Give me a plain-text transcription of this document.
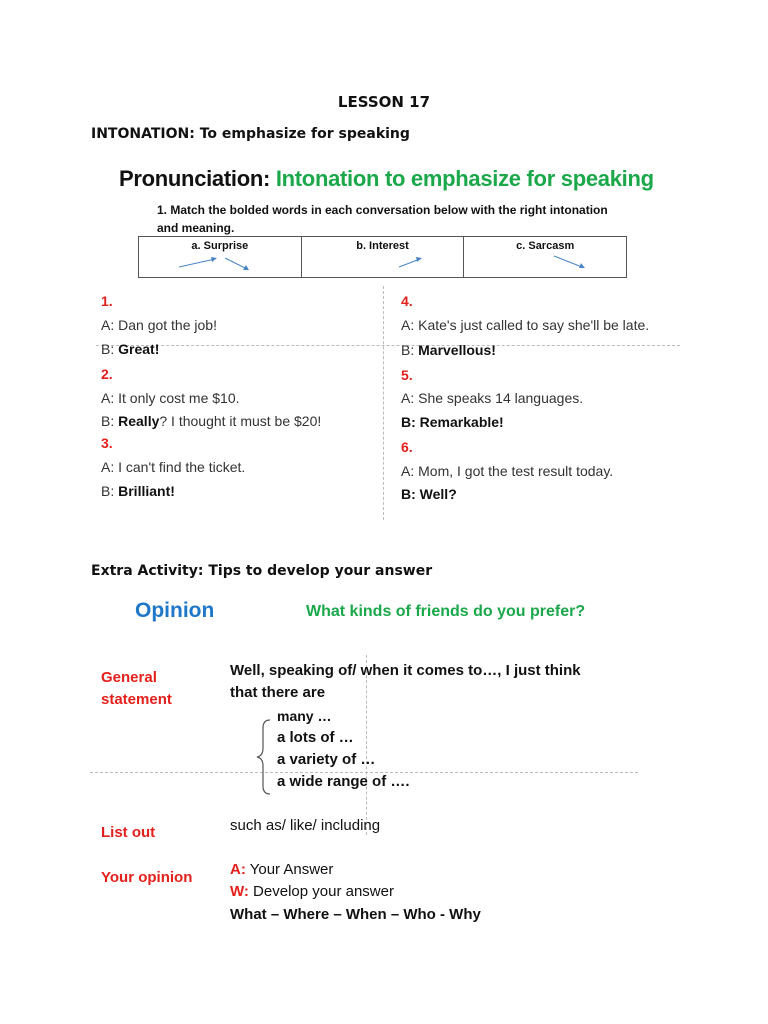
LESSON 17
INTONATION: To emphasize for speaking
Pronunciation: Intonation to emphasize for speaking
1. Match the bolded words in each conversation below with the right intonation and meaning.
a. Surprise	b. Interest	c. Sarcasm
1.
A: Dan got the job!
B: Great!
2.
A: It only cost me $10.
B: Really? I thought it must be $20!
3.
A: I can't find the ticket.
B: Brilliant!
4.
A: Kate's just called to say she'll be late.
B: Marvellous!
5.
A: She speaks 14 languages.
B: Remarkable!
6.
A: Mom, I got the test result today.
B: Well?
Extra Activity: Tips to develop your answer
Opinion	What kinds of friends do you prefer?
General
statement
Well, speaking of/ when it comes to…, I just think
that there are
many …
a lots of …
a variety of …
a wide range of ….
List out	such as/ like/ including
Your opinion	A: Your Answer
W: Develop your answer
What – Where – When – Who - Why
